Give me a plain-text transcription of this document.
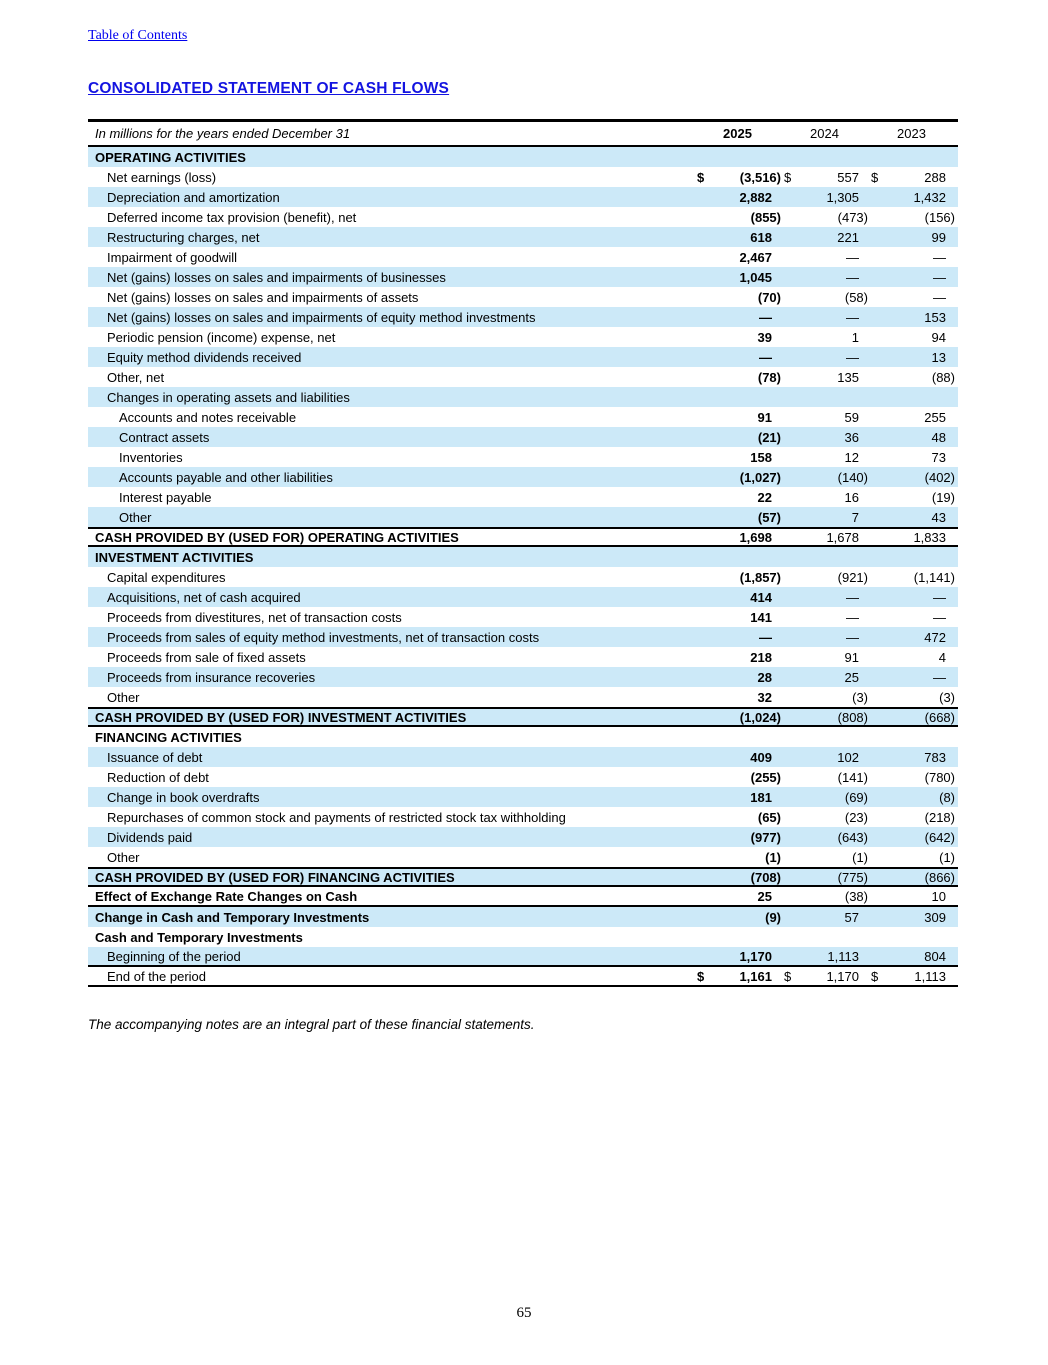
Table of Contents
CONSOLIDATED STATEMENT OF CASH FLOWS
In millions for the years ended December 31	2025	2024	2023
OPERATING ACTIVITIES
Net earnings (loss)	$	(3,516) $	557 $	288
Depreciation and amortization	2,882	1,305	1,432
Deferred income tax provision (benefit), net	(855)	(473)	(156)
Restructuring charges, net	618	221	99
Impairment of goodwill	2,467	—	—
Net (gains) losses on sales and impairments of businesses	1,045	—	—
Net (gains) losses on sales and impairments of assets	(70)	(58)	—
Net (gains) losses on sales and impairments of equity method investments	—	—	153
Periodic pension (income) expense, net	39	1	94
Equity method dividends received	—	—	13
Other, net	(78)	135	(88)
Changes in operating assets and liabilities
Accounts and notes receivable	91	59	255
Contract assets	(21)	36	48
Inventories	158	12	73
Accounts payable and other liabilities	(1,027)	(140)	(402)
Interest payable	22	16	(19)
Other	(57)	7	43
CASH PROVIDED BY (USED FOR) OPERATING ACTIVITIES	1,698	1,678	1,833
INVESTMENT ACTIVITIES
Capital expenditures	(1,857)	(921)	(1,141)
Acquisitions, net of cash acquired	414	—	—
Proceeds from divestitures, net of transaction costs	141	—	—
Proceeds from sales of equity method investments, net of transaction costs	—	—	472
Proceeds from sale of fixed assets	218	91	4
Proceeds from insurance recoveries	28	25	—
Other	32	(3)	(3)
CASH PROVIDED BY (USED FOR) INVESTMENT ACTIVITIES	(1,024)	(808)	(668)
FINANCING ACTIVITIES
Issuance of debt	409	102	783
Reduction of debt	(255)	(141)	(780)
Change in book overdrafts	181	(69)	(8)
Repurchases of common stock and payments of restricted stock tax withholding	(65)	(23)	(218)
Dividends paid	(977)	(643)	(642)
Other	(1)	(1)	(1)
CASH PROVIDED BY (USED FOR) FINANCING ACTIVITIES	(708)	(775)	(866)
Effect of Exchange Rate Changes on Cash	25	(38)	10
Change in Cash and Temporary Investments	(9)	57	309
Cash and Temporary Investments
Beginning of the period	1,170	1,113	804
End of the period	$	1,161 $	1,170 $	1,113
The accompanying notes are an integral part of these financial statements.
65
